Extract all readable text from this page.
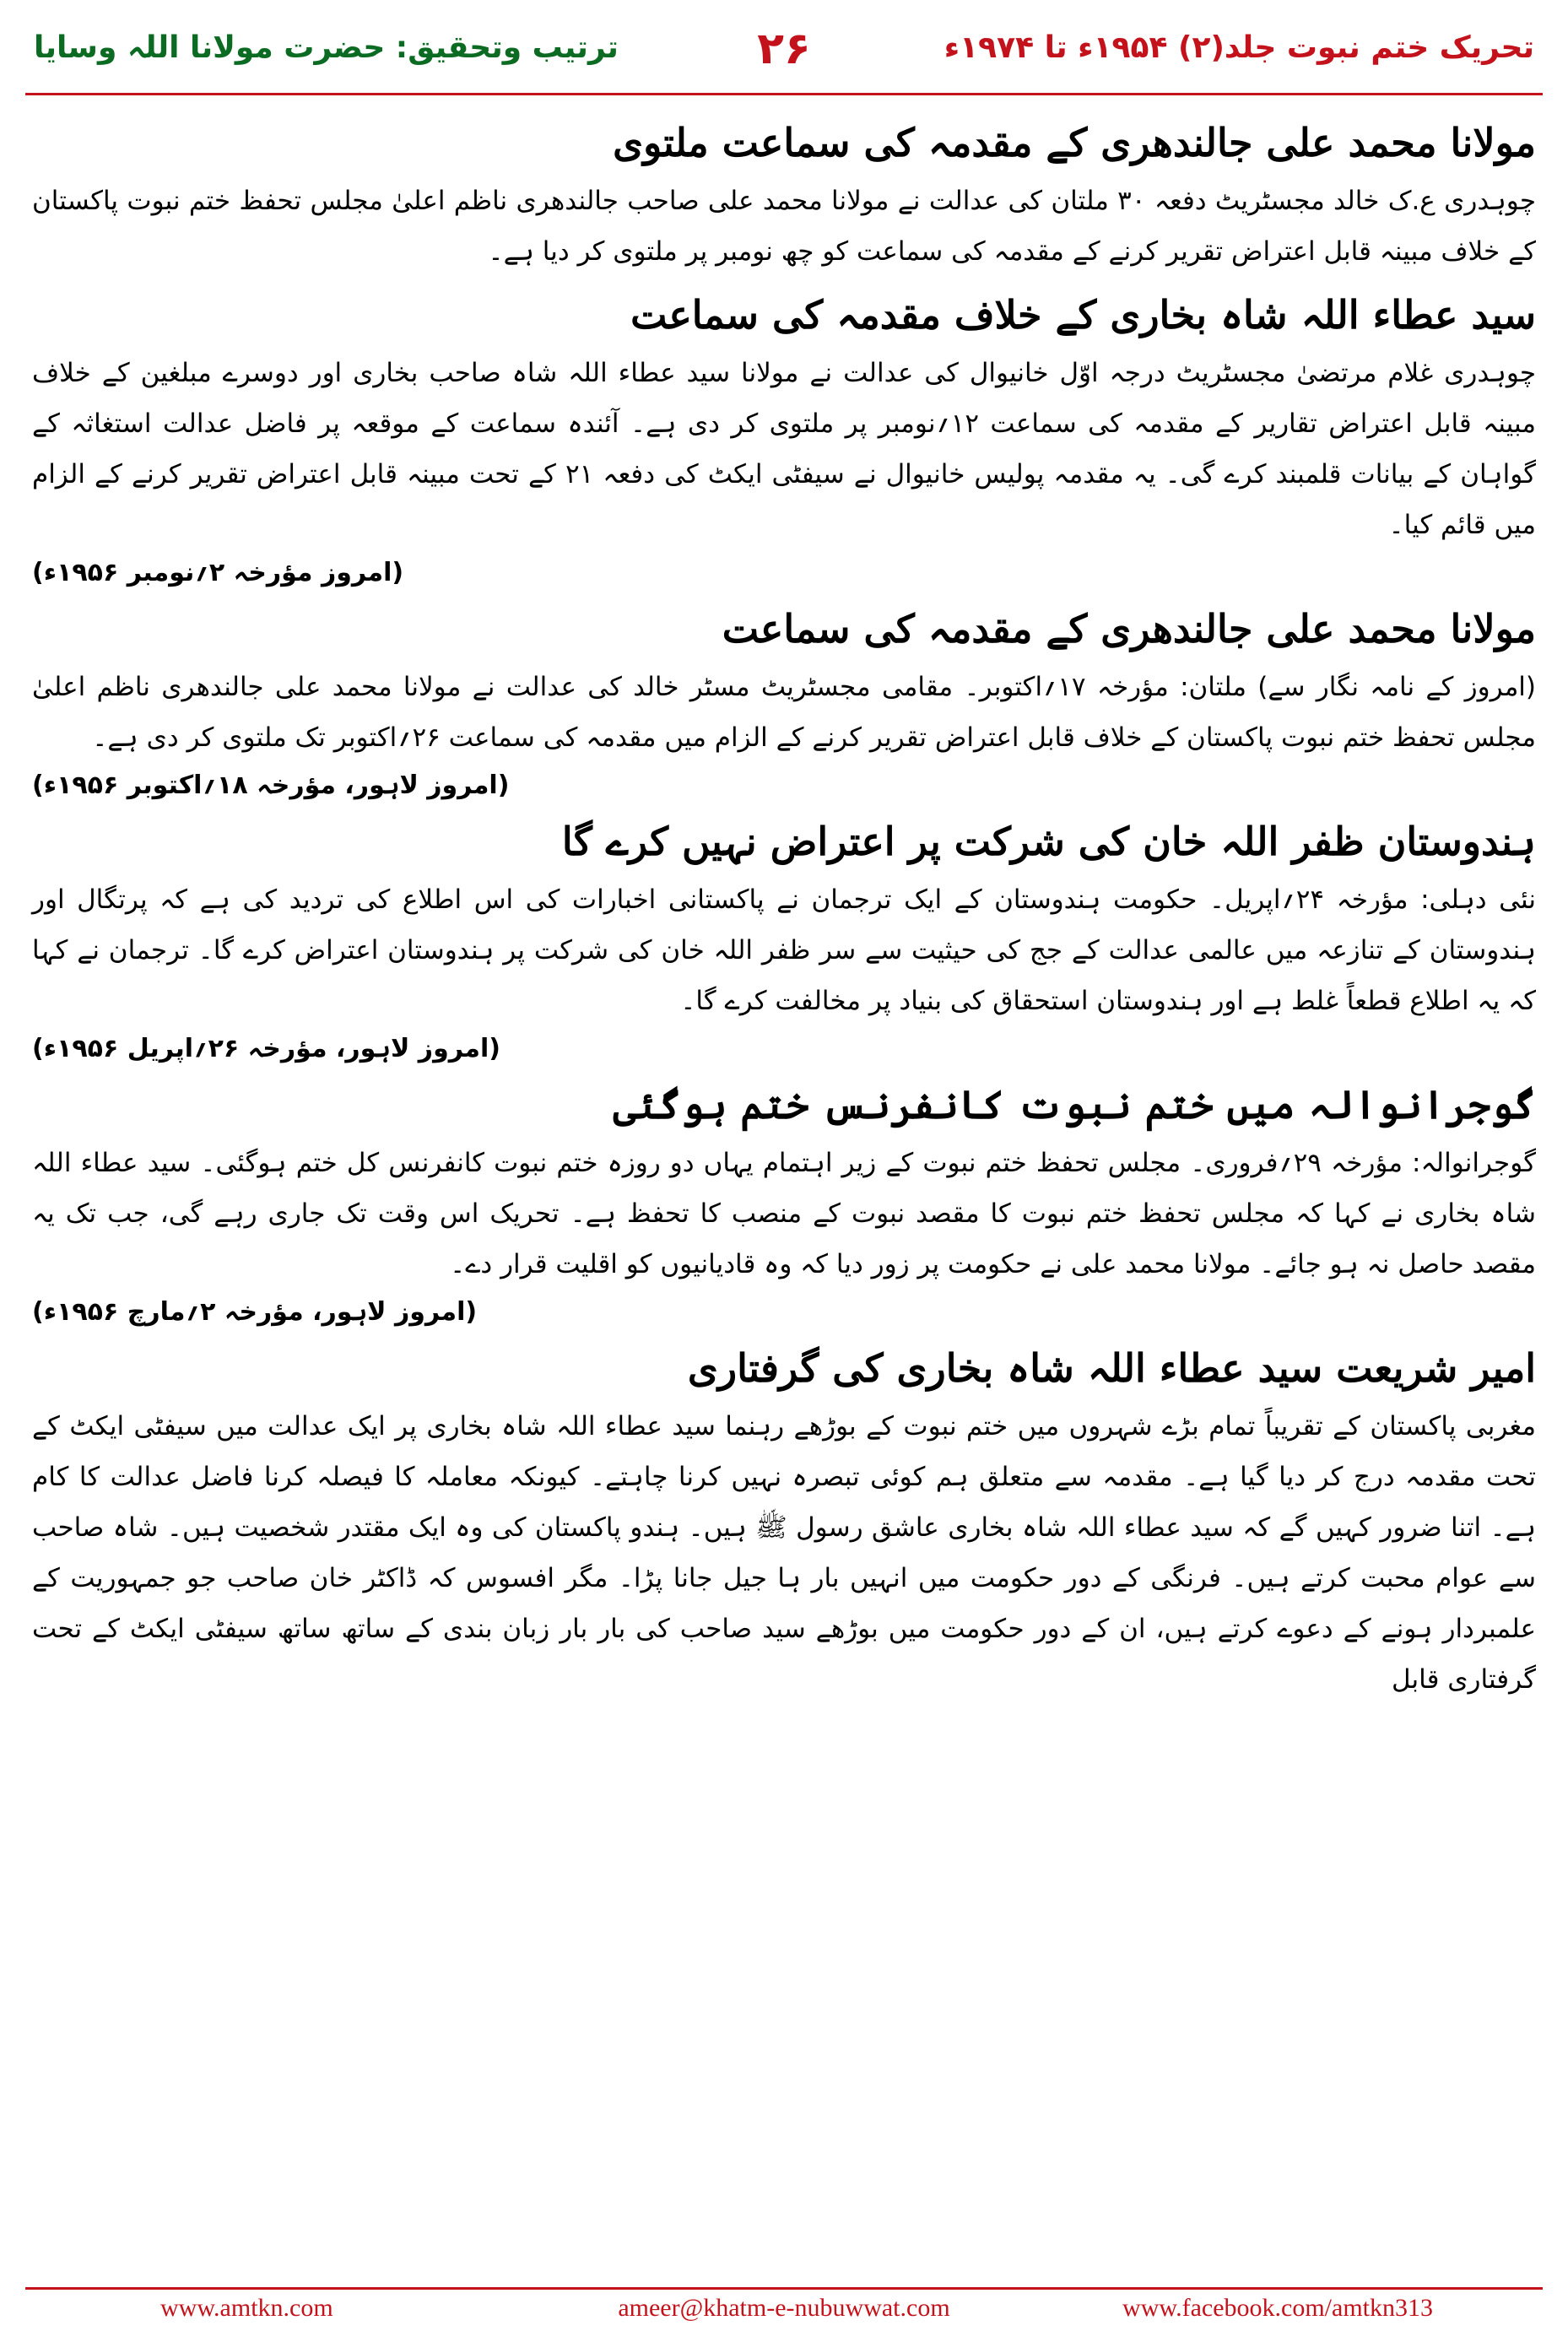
ترتیب وتحقیق: حضرت مولانا اللہ وسایا	۲۶	تحریک ختم نبوت جلد(۲) ۱۹۵۴ء تا ۱۹۷۴ء
مولانا محمد علی جالندھری کے مقدمہ کی سماعت ملتوی

چوہدری ع.ک خالد مجسٹریٹ دفعہ ۳۰ ملتان کی عدالت نے مولانا محمد علی صاحب جالندھری ناظم اعلیٰ مجلس تحفظ ختم نبوت پاکستان کے خلاف مبینہ قابل اعتراض تقریر کرنے کے مقدمہ کی سماعت کو چھ نومبر پر ملتوی کر دیا ہے۔

سید عطاء اللہ شاہ بخاری کے خلاف مقدمہ کی سماعت

چوہدری غلام مرتضیٰ مجسٹریٹ درجہ اوّل خانیوال کی عدالت نے مولانا سید عطاء اللہ شاہ صاحب بخاری اور دوسرے مبلغین کے خلاف مبینہ قابل اعتراض تقاریر کے مقدمہ کی سماعت ۱۲؍نومبر پر ملتوی کر دی ہے۔ آئندہ سماعت کے موقعہ پر فاضل عدالت استغاثہ کے گواہان کے بیانات قلمبند کرے گی۔ یہ مقدمہ پولیس خانیوال نے سیفٹی ایکٹ کی دفعہ ۲۱ کے تحت مبینہ قابل اعتراض تقریر کرنے کے الزام میں قائم کیا۔

(امروز مؤرخہ ۲؍نومبر ۱۹۵۶ء)
مولانا محمد علی جالندھری کے مقدمہ کی سماعت

(امروز کے نامہ نگار سے) ملتان: مؤرخہ ۱۷؍اکتوبر۔ مقامی مجسٹریٹ مسٹر خالد کی عدالت نے مولانا محمد علی جالندھری ناظم اعلیٰ مجلس تحفظ ختم نبوت پاکستان کے خلاف قابل اعتراض تقریر کرنے کے الزام میں مقدمہ کی سماعت ۲۶؍اکتوبر تک ملتوی کر دی ہے۔

(امروز لاہور، مؤرخہ ۱۸؍اکتوبر ۱۹۵۶ء)
ہندوستان ظفر اللہ خان کی شرکت پر اعتراض نہیں کرے گا

نئی دہلی: مؤرخہ ۲۴؍اپریل۔ حکومت ہندوستان کے ایک ترجمان نے پاکستانی اخبارات کی اس اطلاع کی تردید کی ہے کہ پرتگال اور ہندوستان کے تنازعہ میں عالمی عدالت کے جج کی حیثیت سے سر ظفر اللہ خان کی شرکت پر ہندوستان اعتراض کرے گا۔ ترجمان نے کہا کہ یہ اطلاع قطعاً غلط ہے اور ہندوستان استحقاق کی بنیاد پر مخالفت کرے گا۔

(امروز لاہور، مؤرخہ ۲۶؍اپریل ۱۹۵۶ء)
گوجرانوالہ میں ختم نبوت کانفرنس ختم ہوگئی

گوجرانوالہ: مؤرخہ ۲۹؍فروری۔ مجلس تحفظ ختم نبوت کے زیر اہتمام یہاں دو روزہ ختم نبوت کانفرنس کل ختم ہوگئی۔ سید عطاء اللہ شاہ بخاری نے کہا کہ مجلس تحفظ ختم نبوت کا مقصد نبوت کے منصب کا تحفظ ہے۔ تحریک اس وقت تک جاری رہے گی، جب تک یہ مقصد حاصل نہ ہو جائے۔ مولانا محمد علی نے حکومت پر زور دیا کہ وہ قادیانیوں کو اقلیت قرار دے۔

(امروز لاہور، مؤرخہ ۲؍مارچ ۱۹۵۶ء)
امیر شریعت سید عطاء اللہ شاہ بخاری کی گرفتاری

مغربی پاکستان کے تقریباً تمام بڑے شہروں میں ختم نبوت کے بوڑھے رہنما سید عطاء اللہ شاہ بخاری پر ایک عدالت میں سیفٹی ایکٹ کے تحت مقدمہ درج کر دیا گیا ہے۔ مقدمہ سے متعلق ہم کوئی تبصرہ نہیں کرنا چاہتے۔ کیونکہ معاملہ کا فیصلہ کرنا فاضل عدالت کا کام ہے۔ اتنا ضرور کہیں گے کہ سید عطاء اللہ شاہ بخاری عاشق رسول ﷺ ہیں۔ ہندو پاکستان کی وہ ایک مقتدر شخصیت ہیں۔ شاہ صاحب سے عوام محبت کرتے ہیں۔ فرنگی کے دور حکومت میں انہیں بار ہا جیل جانا پڑا۔ مگر افسوس کہ ڈاکٹر خان صاحب جو جمہوریت کے علمبردار ہونے کے دعوے کرتے ہیں، ان کے دور حکومت میں بوڑھے سید صاحب کی بار بار زبان بندی کے ساتھ ساتھ سیفٹی ایکٹ کے تحت گرفتاری قابل

www.amtkn.com	ameer@khatm-e-nubuwwat.com	www.facebook.com/amtkn313
